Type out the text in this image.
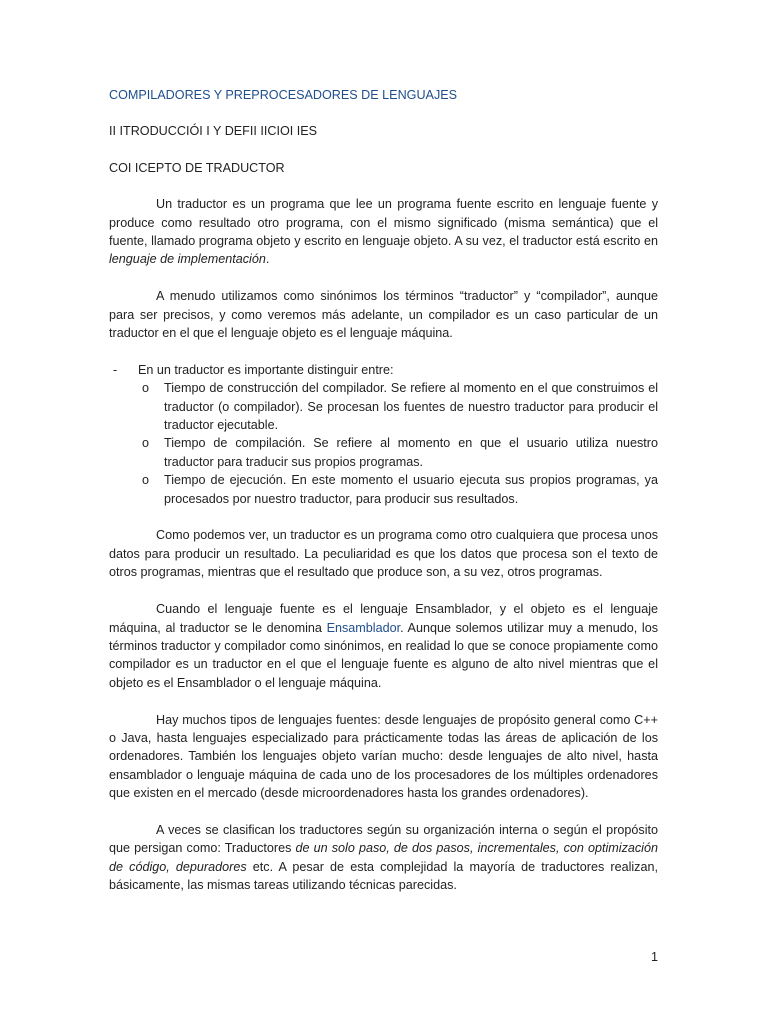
COMPILADORES Y PREPROCESADORES DE LENGUAJES
II ITRODUCCIÓI I Y DEFII IICIOI IES
COI ICEPTO DE TRADUCTOR

Un traductor es un programa que lee un programa fuente escrito en lenguaje fuente y produce como resultado otro programa, con el mismo significado (misma semántica) que el fuente, llamado programa objeto y escrito en lenguaje objeto. A su vez, el traductor está escrito en lenguaje de implementación.

A menudo utilizamos como sinónimos los términos “traductor” y “compilador”, aunque para ser precisos, y como veremos más adelante, un compilador es un caso particular de un traductor en el que el lenguaje objeto es el lenguaje máquina.

- En un traductor es importante distinguir entre:
o Tiempo de construcción del compilador. Se refiere al momento en el que construimos el traductor (o compilador). Se procesan los fuentes de nuestro traductor para producir el traductor ejecutable.
o Tiempo de compilación. Se refiere al momento en que el usuario utiliza nuestro traductor para traducir sus propios programas.
o Tiempo de ejecución. En este momento el usuario ejecuta sus propios programas, ya procesados por nuestro traductor, para producir sus resultados.

Como podemos ver, un traductor es un programa como otro cualquiera que procesa unos datos para producir un resultado. La peculiaridad es que los datos que procesa son el texto de otros programas, mientras que el resultado que produce son, a su vez, otros programas.

Cuando el lenguaje fuente es el lenguaje Ensamblador, y el objeto es el lenguaje máquina, al traductor se le denomina Ensamblador. Aunque solemos utilizar muy a menudo, los términos traductor y compilador como sinónimos, en realidad lo que se conoce propiamente como compilador es un traductor en el que el lenguaje fuente es alguno de alto nivel mientras que el objeto es el Ensamblador o el lenguaje máquina.

Hay muchos tipos de lenguajes fuentes: desde lenguajes de propósito general como C++ o Java, hasta lenguajes especializado para prácticamente todas las áreas de aplicación de los ordenadores. También los lenguajes objeto varían mucho: desde lenguajes de alto nivel, hasta ensamblador o lenguaje máquina de cada uno de los procesadores de los múltiples ordenadores que existen en el mercado (desde microordenadores hasta los grandes ordenadores).

A veces se clasifican los traductores según su organización interna o según el propósito que persigan como: Traductores de un solo paso, de dos pasos, incrementales, con optimización de código, depuradores etc. A pesar de esta complejidad la mayoría de traductores realizan, básicamente, las mismas tareas utilizando técnicas parecidas.

1
